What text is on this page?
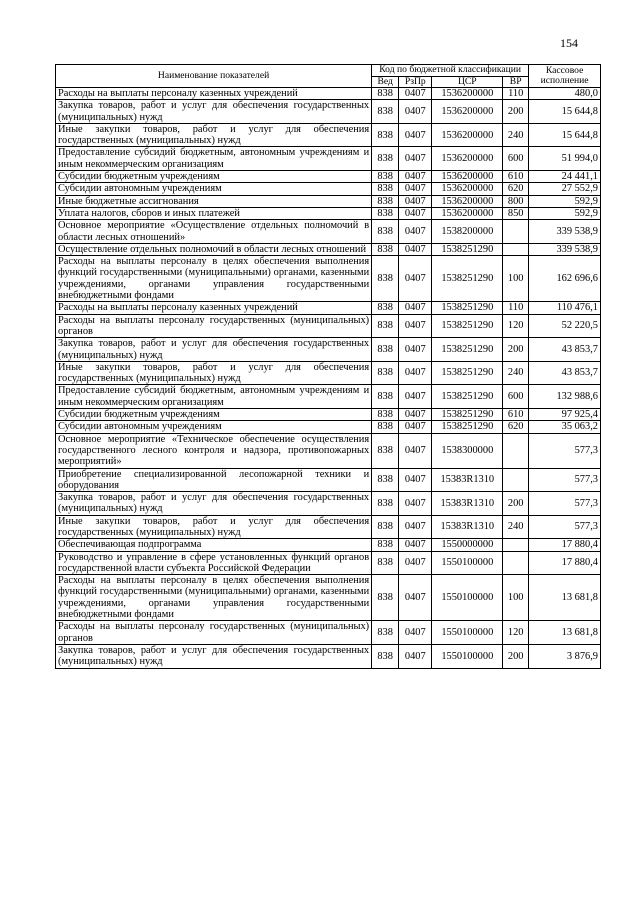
154
Наименование показателей	Код по бюджетной классификации				Кассовое исполнение
	Вед	РзПр	ЦСР	ВР	
Расходы на выплаты персоналу казенных учреждений	838	0407	1536200000	110	480,0
Закупка товаров, работ и услуг для обеспечения государственных (муниципальных) нужд	838	0407	1536200000	200	15 644,8
Иные закупки товаров, работ и услуг для обеспечения государственных (муниципальных) нужд	838	0407	1536200000	240	15 644,8
Предоставление субсидий бюджетным, автономным учреждениям и иным некоммерческим организациям	838	0407	1536200000	600	51 994,0
Субсидии бюджетным учреждениям	838	0407	1536200000	610	24 441,1
Субсидии автономным учреждениям	838	0407	1536200000	620	27 552,9
Иные бюджетные ассигнования	838	0407	1536200000	800	592,9
Уплата налогов, сборов и иных платежей	838	0407	1536200000	850	592,9
Основное мероприятие «Осуществление отдельных полномочий в области лесных отношений»	838	0407	1538200000		339 538,9
Осуществление отдельных полномочий в области лесных отношений	838	0407	1538251290		339 538,9
Расходы на выплаты персоналу в целях обеспечения выполнения функций государственными (муниципальными) органами, казенными учреждениями, органами управления государственными внебюджетными фондами	838	0407	1538251290	100	162 696,6
Расходы на выплаты персоналу казенных учреждений	838	0407	1538251290	110	110 476,1
Расходы на выплаты персоналу государственных (муниципальных) органов	838	0407	1538251290	120	52 220,5
Закупка товаров, работ и услуг для обеспечения государственных (муниципальных) нужд	838	0407	1538251290	200	43 853,7
Иные закупки товаров, работ и услуг для обеспечения государственных (муниципальных) нужд	838	0407	1538251290	240	43 853,7
Предоставление субсидий бюджетным, автономным учреждениям и иным некоммерческим организациям	838	0407	1538251290	600	132 988,6
Субсидии бюджетным учреждениям	838	0407	1538251290	610	97 925,4
Субсидии автономным учреждениям	838	0407	1538251290	620	35 063,2
Основное мероприятие «Техническое обеспечение осуществления государственного лесного контроля и надзора, противопожарных мероприятий»	838	0407	1538300000		577,3
Приобретение специализированной лесопожарной техники и оборудования	838	0407	15383R1310		577,3
Закупка товаров, работ и услуг для обеспечения государственных (муниципальных) нужд	838	0407	15383R1310	200	577,3
Иные закупки товаров, работ и услуг для обеспечения государственных (муниципальных) нужд	838	0407	15383R1310	240	577,3
Обеспечивающая подпрограмма	838	0407	1550000000		17 880,4
Руководство и управление в сфере установленных функций органов государственной власти субъекта Российской Федерации	838	0407	1550100000		17 880,4
Расходы на выплаты персоналу в целях обеспечения выполнения функций государственными (муниципальными) органами, казенными учреждениями, органами управления государственными внебюджетными фондами	838	0407	1550100000	100	13 681,8
Расходы на выплаты персоналу государственных (муниципальных) органов	838	0407	1550100000	120	13 681,8
Закупка товаров, работ и услуг для обеспечения государственных (муниципальных) нужд	838	0407	1550100000	200	3 876,9
